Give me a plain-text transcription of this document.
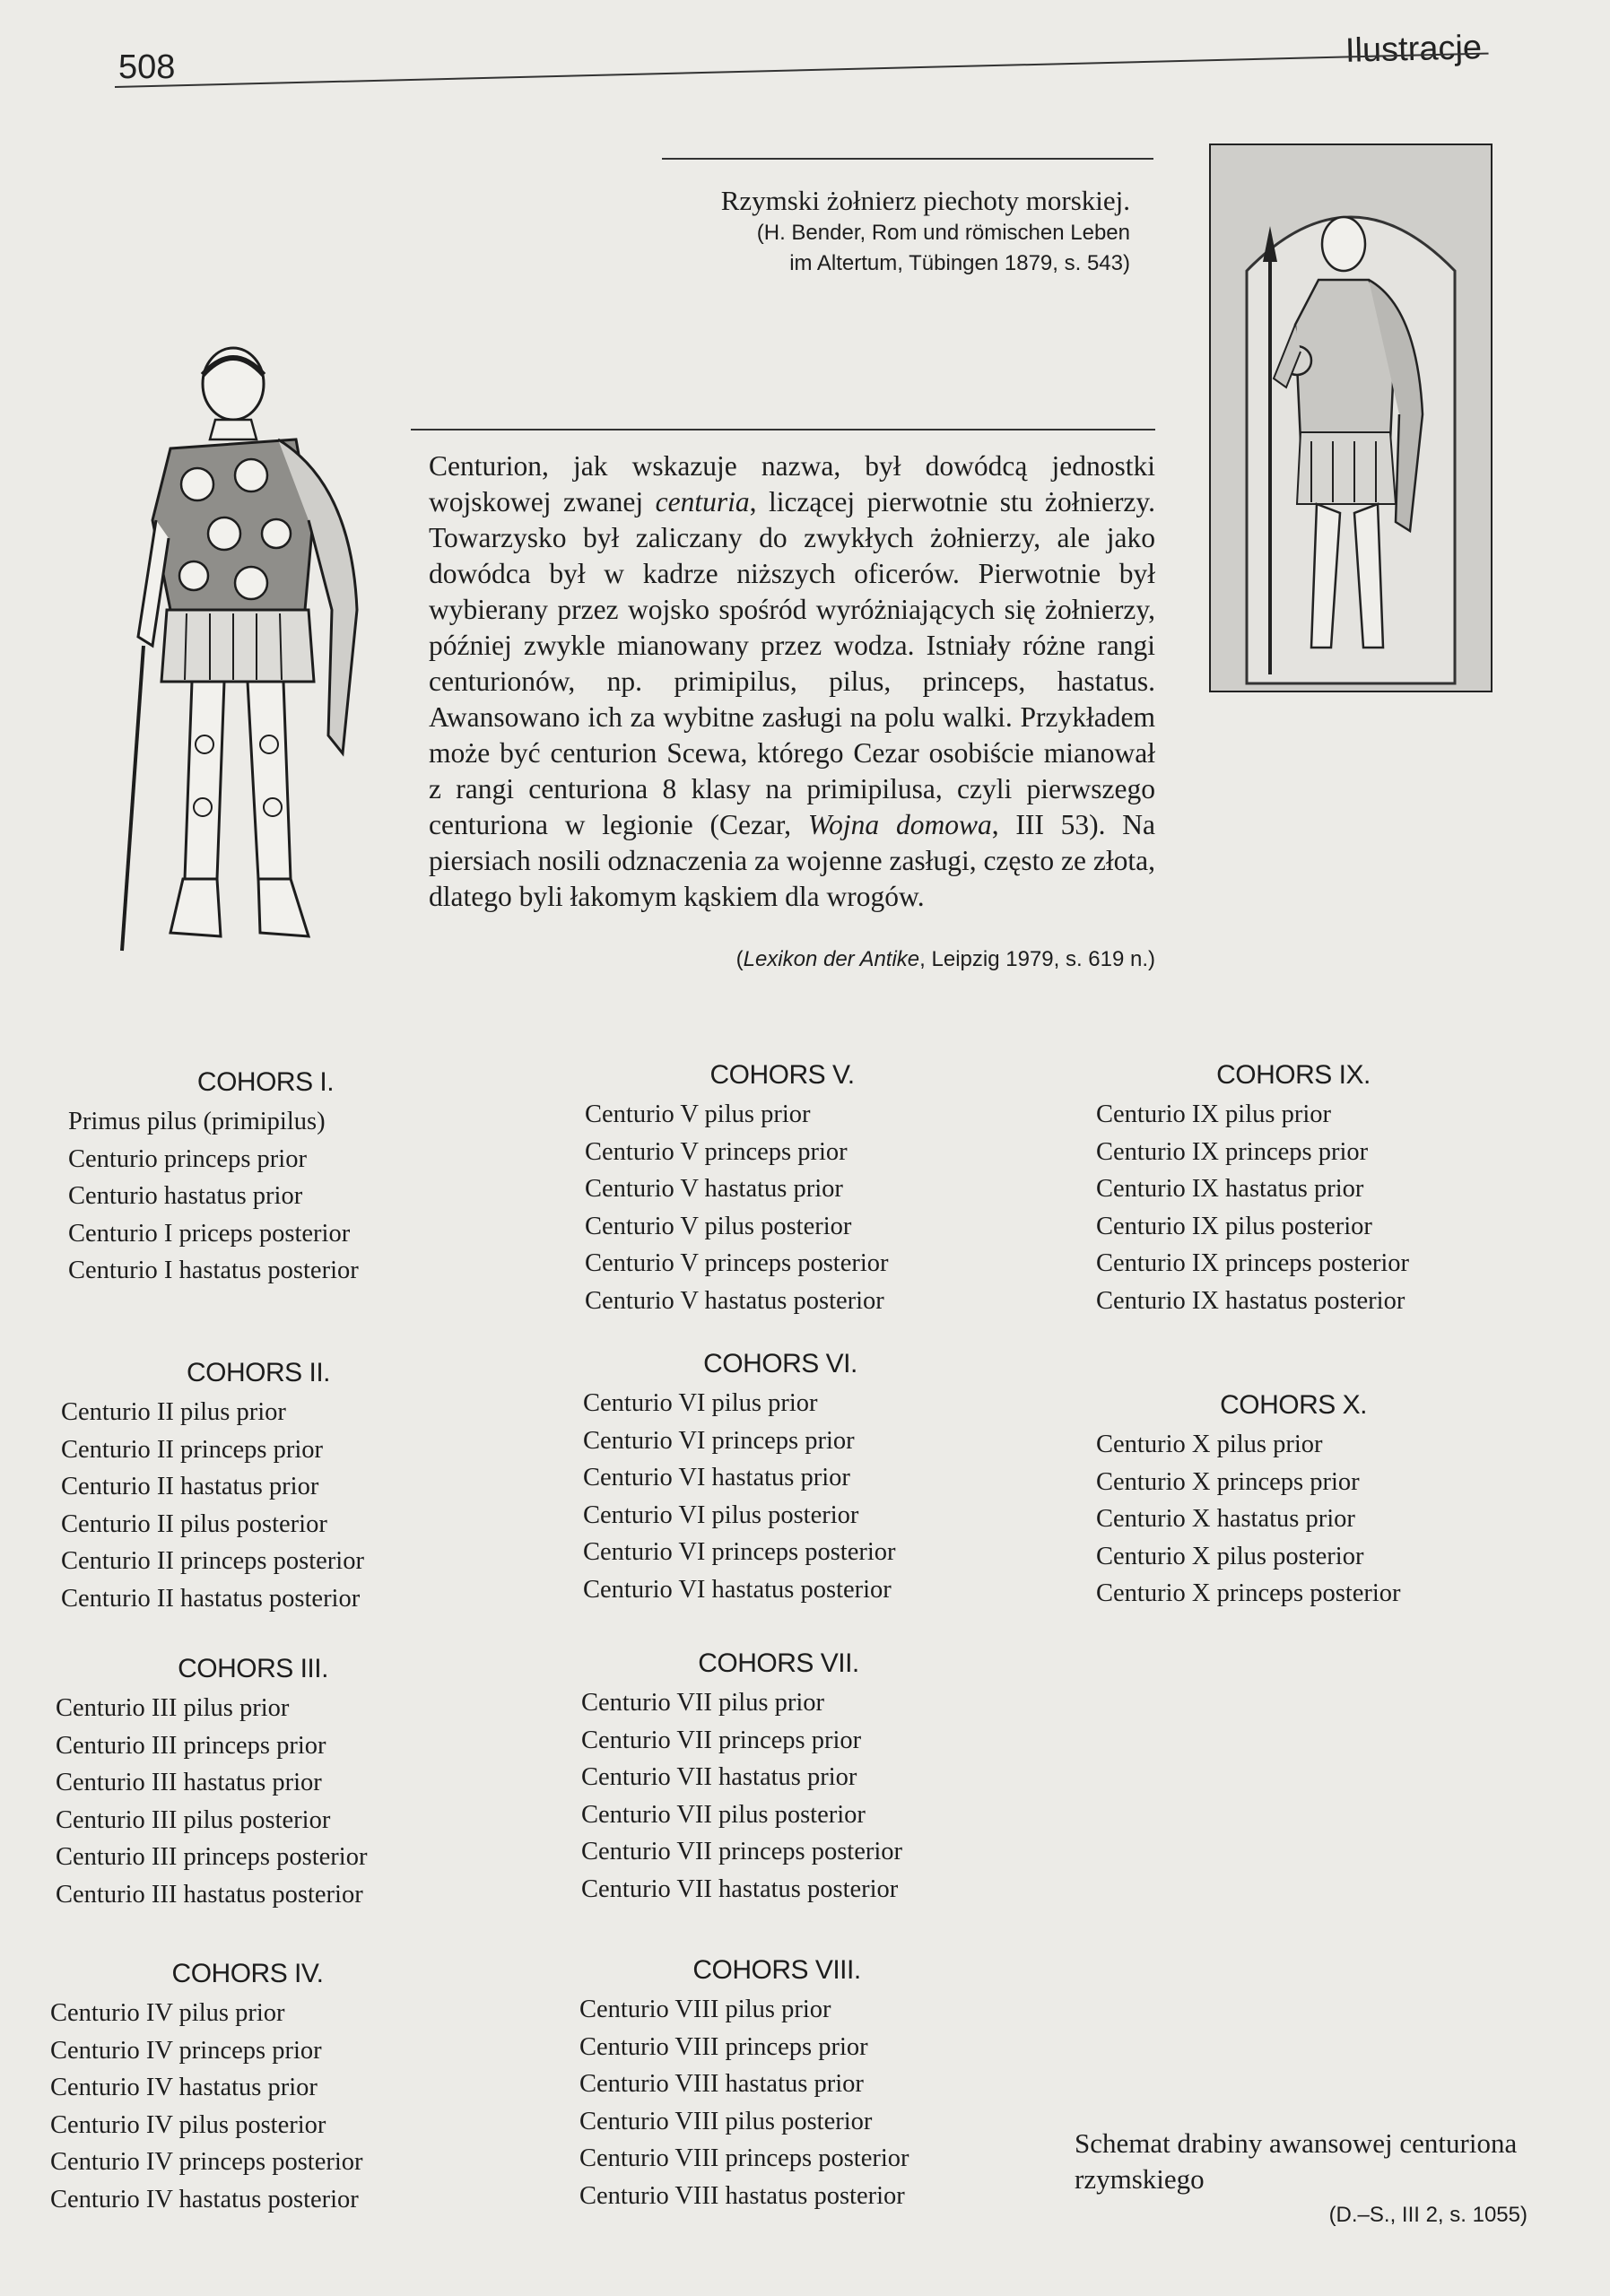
508	Ilustracje
Rzymski żołnierz piechoty morskiej.
(H. Bender, Rom und römischen Leben
im Altertum, Tübingen 1879, s. 543)
Centurion, jak wskazuje nazwa, był dowódcą jednostki wojskowej zwanej centuria, liczącej pierwotnie stu żołnierzy. Towarzysko był zaliczany do zwykłych żołnierzy, ale jako dowódca był w kadrze niższych oficerów. Pierwotnie był wybierany przez wojsko spośród wyróżniających się żołnierzy, później zwykle mianowany przez wodza. Istniały różne rangi centurionów, np. primipilus, pilus, princeps, hastatus. Awansowano ich za wybitne zasługi na polu walki. Przykładem może być centurion Scewa, którego Cezar osobiście mianował z rangi centuriona 8 klasy na primipilusa, czyli pierwszego centuriona w legionie (Cezar, Wojna domowa, III 53). Na piersiach nosili odznaczenia za wojenne zasługi, często ze złota, dlatego byli łakomym kąskiem dla wrogów.
(Lexikon der Antike, Leipzig 1979, s. 619 n.)
COHORS I.
Primus pilus (primipilus)
Centurio princeps prior
Centurio hastatus prior
Centurio I priceps posterior
Centurio I hastatus posterior
COHORS II.
Centurio II pilus prior
Centurio II princeps prior
Centurio II hastatus prior
Centurio II pilus posterior
Centurio II princeps posterior
Centurio II hastatus posterior
COHORS III.
Centurio III pilus prior
Centurio III princeps prior
Centurio III hastatus prior
Centurio III pilus posterior
Centurio III princeps posterior
Centurio III hastatus posterior
COHORS IV.
Centurio IV pilus prior
Centurio IV princeps prior
Centurio IV hastatus prior
Centurio IV pilus posterior
Centurio IV princeps posterior
Centurio IV hastatus posterior
COHORS V.
Centurio V pilus prior
Centurio V princeps prior
Centurio V hastatus prior
Centurio V pilus posterior
Centurio V princeps posterior
Centurio V hastatus posterior
COHORS VI.
Centurio VI pilus prior
Centurio VI princeps prior
Centurio VI hastatus prior
Centurio VI pilus posterior
Centurio VI princeps posterior
Centurio VI hastatus posterior
COHORS VII.
Centurio VII pilus prior
Centurio VII princeps prior
Centurio VII hastatus prior
Centurio VII pilus posterior
Centurio VII princeps posterior
Centurio VII hastatus posterior
COHORS VIII.
Centurio VIII pilus prior
Centurio VIII princeps prior
Centurio VIII hastatus prior
Centurio VIII pilus posterior
Centurio VIII princeps posterior
Centurio VIII hastatus posterior
COHORS IX.
Centurio IX pilus prior
Centurio IX princeps prior
Centurio IX hastatus prior
Centurio IX pilus posterior
Centurio IX princeps posterior
Centurio IX hastatus posterior
COHORS X.
Centurio X pilus prior
Centurio X princeps prior
Centurio X hastatus prior
Centurio X pilus posterior
Centurio X princeps posterior
Schemat drabiny awansowej centuriona rzymskiego
(D.–S., III 2, s. 1055)
